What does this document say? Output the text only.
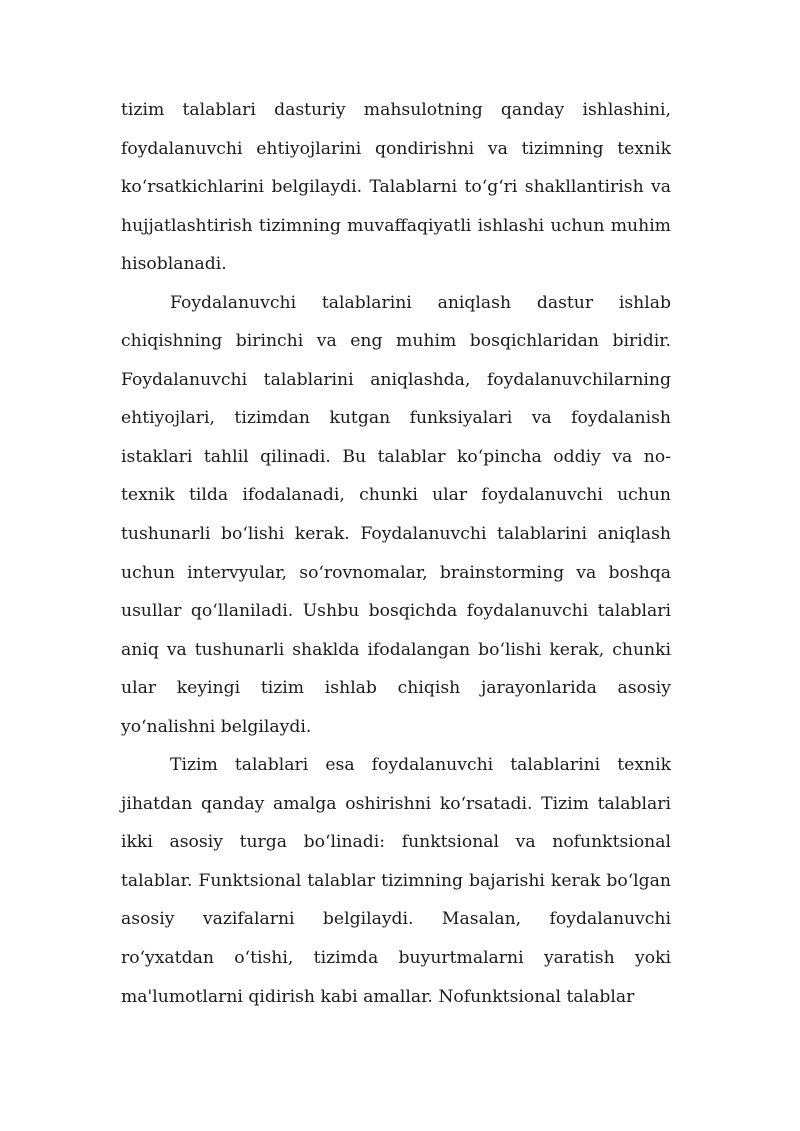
tizim talablari dasturiy mahsulotning qanday ishlashini, foydalanuvchi ehtiyojlarini qondirishni va tizimning texnik ko‘rsatkichlarini belgilaydi. Talablarni to‘g‘ri shakllantirish va hujjatlashtirish tizimning muvaffaqiyatli ishlashi uchun muhim hisoblanadi.

Foydalanuvchi talablarini aniqlash dastur ishlab chiqishning birinchi va eng muhim bosqichlaridan biridir. Foydalanuvchi talablarini aniqlashda, foydalanuvchilarning ehtiyojlari, tizimdan kutgan funksiyalari va foydalanish istaklari tahlil qilinadi. Bu talablar ko‘pincha oddiy va no-texnik tilda ifodalanadi, chunki ular foydalanuvchi uchun tushunarli bo‘lishi kerak. Foydalanuvchi talablarini aniqlash uchun intervyular, so‘rovnomalar, brainstorming va boshqa usullar qo‘llaniladi. Ushbu bosqichda foydalanuvchi talablari aniq va tushunarli shaklda ifodalangan bo‘lishi kerak, chunki ular keyingi tizim ishlab chiqish jarayonlarida asosiy yo‘nalishni belgilaydi.

Tizim talablari esa foydalanuvchi talablarini texnik jihatdan qanday amalga oshirishni ko‘rsatadi. Tizim talablari ikki asosiy turga bo‘linadi: funktsional va nofunktsional talablar. Funktsional talablar tizimning bajarishi kerak bo‘lgan asosiy vazifalarni belgilaydi. Masalan, foydalanuvchi ro‘yxatdan o‘tishi, tizimda buyurtmalarni yaratish yoki ma'lumotlarni qidirish kabi amallar. Nofunktsional talablar
